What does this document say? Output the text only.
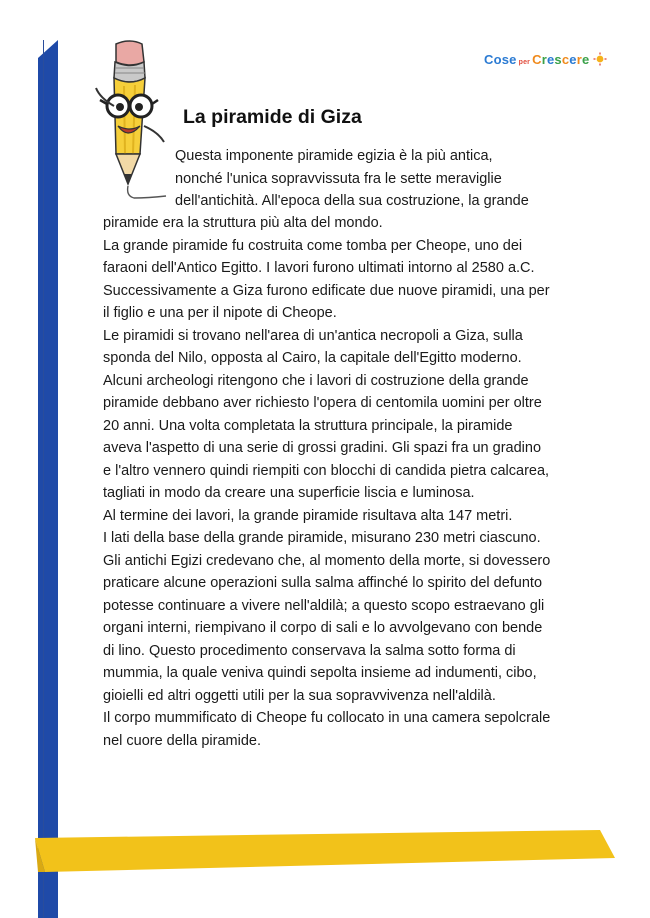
Cose per Crescere
La piramide di Giza

Questa imponente piramide egizia è la più antica,

nonché l'unica sopravvissuta fra le sette meraviglie

dell'antichità. All'epoca della sua costruzione, la grande

piramide era la struttura più alta del mondo.

La grande piramide fu costruita come tomba per Cheope, uno dei

faraoni dell'Antico Egitto. I lavori furono ultimati intorno al 2580 a.C.

Successivamente a Giza furono edificate due nuove piramidi, una per

il figlio e una per il nipote di Cheope.

Le piramidi si trovano nell'area di un'antica necropoli a Giza, sulla

sponda del Nilo, opposta al Cairo, la capitale dell'Egitto moderno.

Alcuni archeologi ritengono che i lavori di costruzione della grande

piramide debbano aver richiesto l'opera di centomila uomini per oltre

20 anni. Una volta completata la struttura principale, la piramide

aveva l'aspetto di una serie di grossi gradini. Gli spazi fra un gradino

e l'altro vennero quindi riempiti con blocchi di candida pietra calcarea,

tagliati in modo da creare una superficie liscia e luminosa.

Al termine dei lavori, la grande piramide risultava alta 147 metri.

I lati della base della grande piramide, misurano 230 metri ciascuno.

Gli antichi Egizi credevano che, al momento della morte, si dovessero

praticare alcune operazioni sulla salma affinché lo spirito del defunto

potesse continuare a vivere nell'aldilà; a questo scopo estraevano gli

organi interni, riempivano il corpo di sali e lo avvolgevano con bende

di lino. Questo procedimento conservava la salma sotto forma di

mummia, la quale veniva quindi sepolta insieme ad indumenti, cibo,

gioielli ed altri oggetti utili per la sua sopravvivenza nell'aldilà.

Il corpo mummificato di Cheope fu collocato in una camera sepolcrale

nel cuore della piramide.
